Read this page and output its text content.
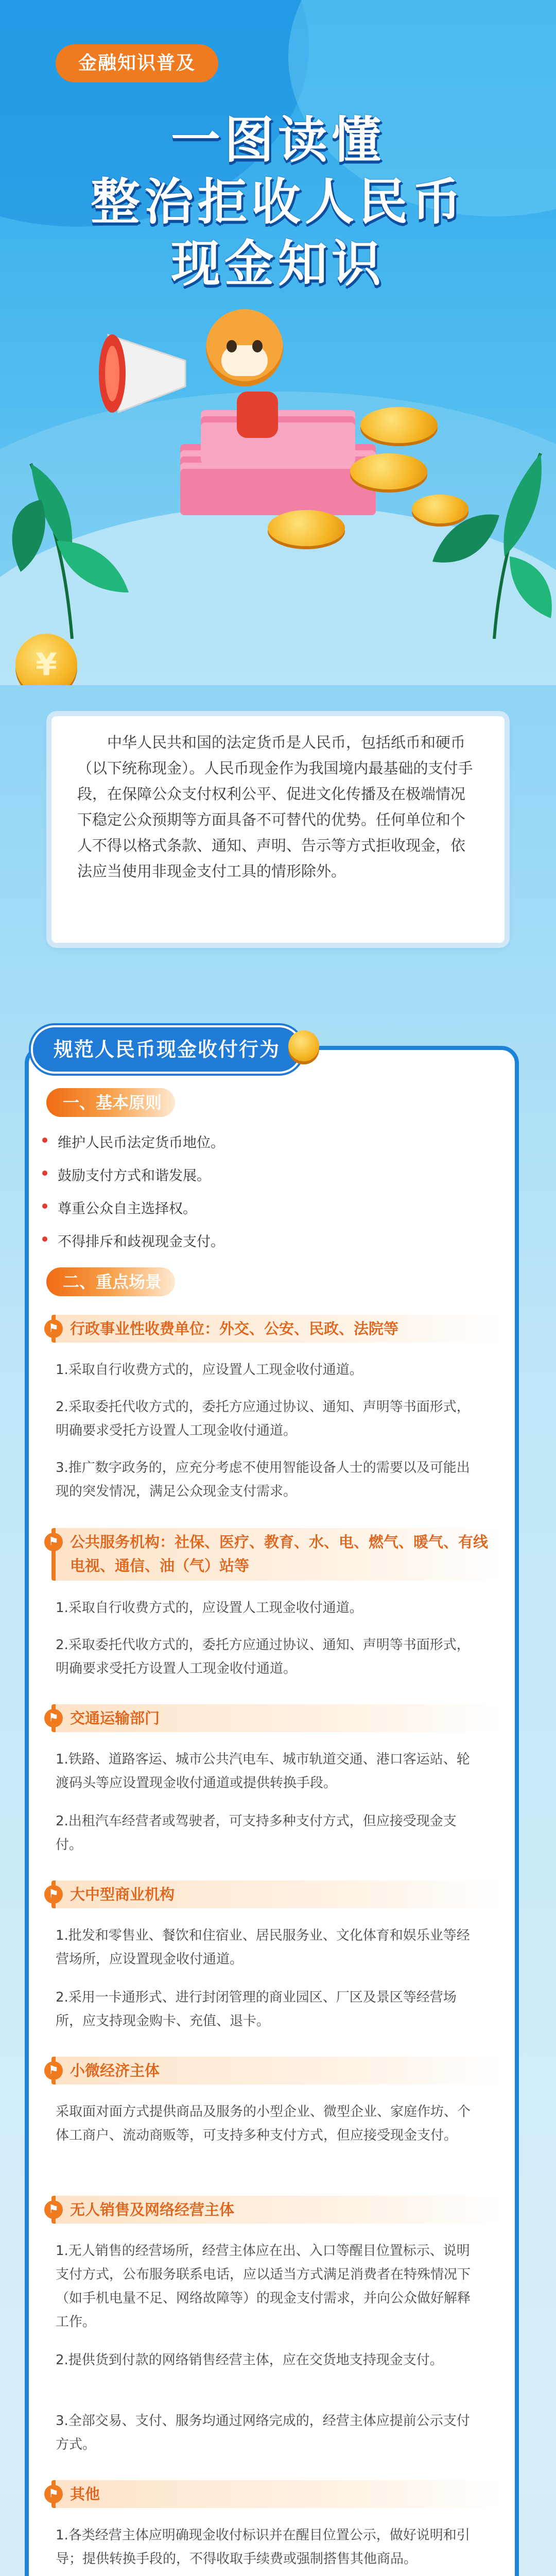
金融知识普及
一图读懂
整治拒收人民币
现金知识
¥
中华人民共和国的法定货币是人民币，包括纸币和硬币（以下统称现金）。人民币现金作为我国境内最基础的支付手段，在保障公众支付权利公平、促进文化传播及在极端情况下稳定公众预期等方面具备不可替代的优势。任何单位和个人不得以格式条款、通知、声明、告示等方式拒收现金，依法应当使用非现金支付工具的情形除外。
规范人民币现金收付行为
一、基本原则
维护人民币法定货币地位。
鼓励支付方式和谐发展。
尊重公众自主选择权。
不得排斥和歧视现金支付。
二、重点场景
⚑ 行政事业性收费单位：外交、公安、民政、法院等
1.采取自行收费方式的，应设置人工现金收付通道。
2.采取委托代收方式的，委托方应通过协议、通知、声明等书面形式，明确要求受托方设置人工现金收付通道。
3.推广数字政务的，应充分考虑不使用智能设备人士的需要以及可能出现的突发情况，满足公众现金支付需求。
⚑ 公共服务机构：社保、医疗、教育、水、电、燃气、暖气、有线电视、通信、油（气）站等
1.采取自行收费方式的，应设置人工现金收付通道。
2.采取委托代收方式的，委托方应通过协议、通知、声明等书面形式，明确要求受托方设置人工现金收付通道。
⚑ 交通运输部门
1.铁路、道路客运、城市公共汽电车、城市轨道交通、港口客运站、轮渡码头等应设置现金收付通道或提供转换手段。
2.出租汽车经营者或驾驶者，可支持多种支付方式，但应接受现金支付。
⚑ 大中型商业机构
1.批发和零售业、餐饮和住宿业、居民服务业、文化体育和娱乐业等经营场所，应设置现金收付通道。
2.采用一卡通形式、进行封闭管理的商业园区、厂区及景区等经营场所，应支持现金购卡、充值、退卡。
⚑ 小微经济主体
采取面对面方式提供商品及服务的小型企业、微型企业、家庭作坊、个体工商户、流动商贩等，可支持多种支付方式，但应接受现金支付。
⚑ 无人销售及网络经营主体
1.无人销售的经营场所，经营主体应在出、入口等醒目位置标示、说明支付方式，公布服务联系电话，应以适当方式满足消费者在特殊情况下（如手机电量不足、网络故障等）的现金支付需求，并向公众做好解释工作。
2.提供货到付款的网络销售经营主体，应在交货地支持现金支付。
3.全部交易、支付、服务均通过网络完成的，经营主体应提前公示支付方式。
⚑ 其他
1.各类经营主体应明确现金收付标识并在醒目位置公示，做好说明和引导；提供转换手段的，不得收取手续费或强制搭售其他商品。
